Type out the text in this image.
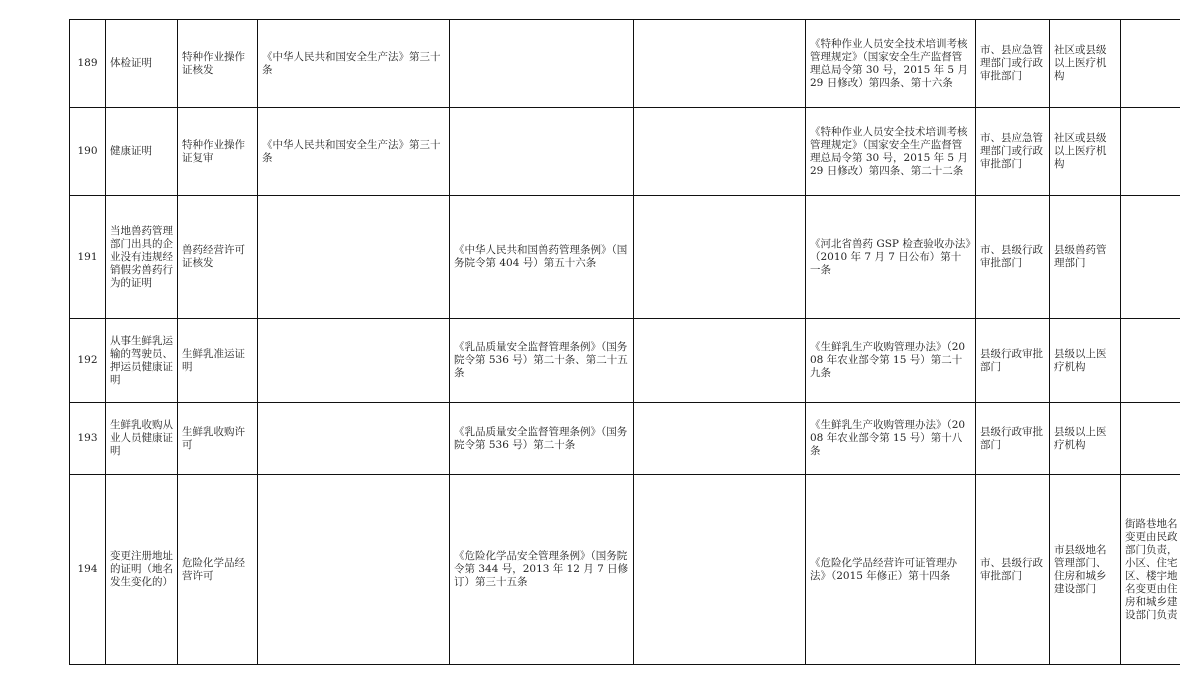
189	体检证明	特种作业操作证核发	《中华人民共和国安全生产法》第三十条			《特种作业人员安全技术培训考核管理规定》（国家安全生产监督管理总局令第 30 号，2015 年 5 月 29 日修改）第四条、第十六条	市、县应急管理部门或行政审批部门	社区或县级以上医疗机构	
190	健康证明	特种作业操作证复审	《中华人民共和国安全生产法》第三十条			《特种作业人员安全技术培训考核管理规定》（国家安全生产监督管理总局令第 30 号，2015 年 5 月 29 日修改）第四条、第二十二条	市、县应急管理部门或行政审批部门	社区或县级以上医疗机构	
191	当地兽药管理部门出具的企业没有违规经销假劣兽药行为的证明	兽药经营许可证核发		《中华人民共和国兽药管理条例》（国务院令第 404 号）第五十六条		《河北省兽药 GSP 检查验收办法》（2010 年 7 月 7 日公布）第十一条	市、县级行政审批部门	县级兽药管理部门	
192	从事生鲜乳运输的驾驶员、押运员健康证明	生鲜乳准运证明		《乳品质量安全监督管理条例》（国务院令第 536 号）第二十条、第二十五条		《生鲜乳生产收购管理办法》（2008 年农业部令第 15 号）第二十九条	县级行政审批部门	县级以上医疗机构	
193	生鲜乳收购从业人员健康证明	生鲜乳收购许可		《乳品质量安全监督管理条例》（国务院令第 536 号）第二十条		《生鲜乳生产收购管理办法》（2008 年农业部令第 15 号）第十八条	县级行政审批部门	县级以上医疗机构	
194	变更注册地址的证明（地名发生变化的）	危险化学品经营许可		《危险化学品安全管理条例》（国务院令第 344 号，2013 年 12 月 7 日修订）第三十五条		《危险化学品经营许可证管理办法》（2015 年修正）第十四条	市、县级行政审批部门	市县级地名管理部门、住房和城乡建设部门	街路巷地名变更由民政部门负责，小区、住宅区、楼宇地名变更由住房和城乡建设部门负责
